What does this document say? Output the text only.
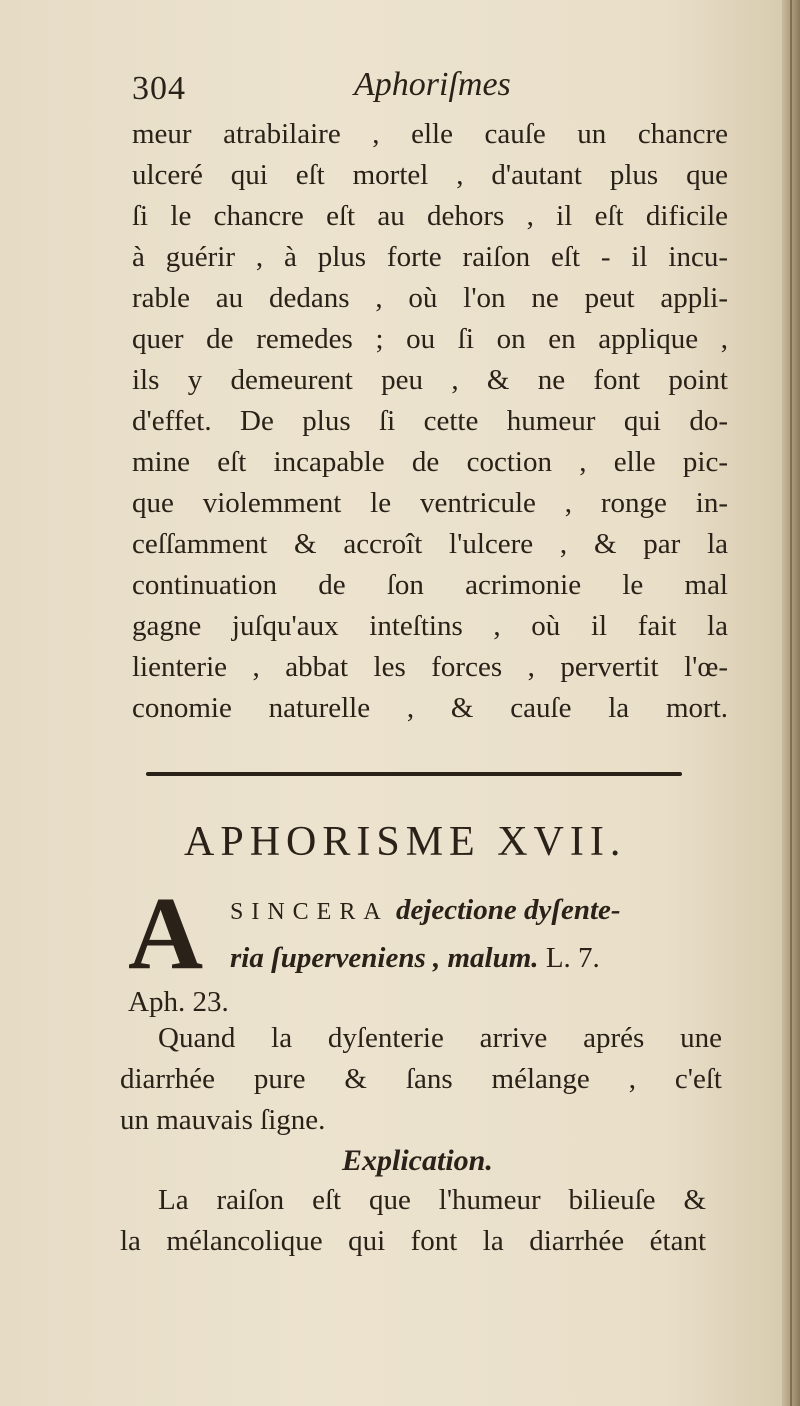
304	Aphoriſmes
meur atrabilaire , elle cauſe un chancre
ulceré qui eſt mortel , d'autant plus que
ſi le chancre eſt au dehors , il eſt dificile
à guérir , à plus forte raiſon eſt - il incu-
rable au dedans , où l'on ne peut appli-
quer de remedes ; ou ſi on en applique ,
ils y demeurent peu , & ne font point
d'effet. De plus ſi cette humeur qui do-
mine eſt incapable de coction , elle pic-
que violemment le ventricule , ronge in-
ceſſamment & accroît l'ulcere , & par la
continuation de ſon acrimonie le mal
gagne juſqu'aux inteſtins , où il fait la
lienterie , abbat les forces , pervertit l'œ-
conomie naturelle , & cauſe la mort.
APHORISME XVII.
A SINCERA dejectione dyſente-
ria ſuperveniens , malum. L. 7.
Aph. 23.
Quand la dyſenterie arrive aprés une
diarrhée pure & ſans mélange , c'eſt
un mauvais ſigne.
Explication.
La raiſon eſt que l'humeur bilieuſe &
la mélancolique qui font la diarrhée étant
